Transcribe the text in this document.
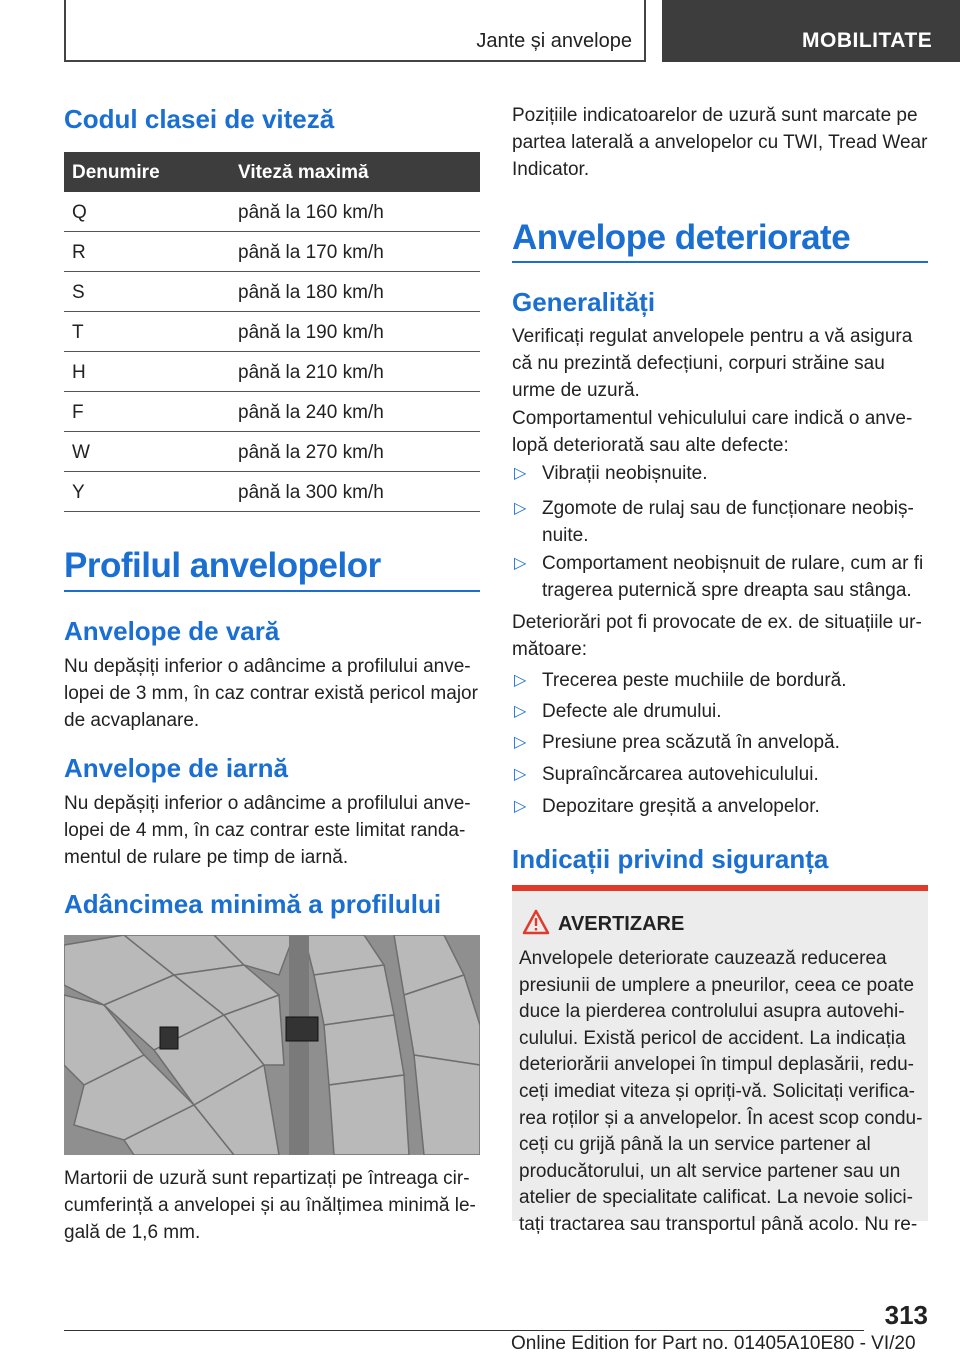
Jante și anvelope	MOBILITATE
Codul clasei de viteză
Denumire	Viteză maximă
Q	până la 160 km/h
R	până la 170 km/h
S	până la 180 km/h
T	până la 190 km/h
H	până la 210 km/h
F	până la 240 km/h
W	până la 270 km/h
Y	până la 300 km/h
Profilul anvelopelor
Anvelope de vară

Nu depășiți inferior o adâncime a profilului anvelopei de 3 mm, în caz contrar există pericol major de acvaplanare.

Anvelope de iarnă

Nu depășiți inferior o adâncime a profilului anvelopei de 4 mm, în caz contrar este limitat randamentul de rulare pe timp de iarnă.

Adâncimea minimă a profilului

Martorii de uzură sunt repartizați pe întreaga circumferință a anvelopei și au înălțimea minimă legală de 1,6 mm.

Pozițiile indicatoarelor de uzură sunt marcate pe partea laterală a anvelopelor cu TWI, Tread Wear Indicator.

Anvelope deteriorate
Generalități

Verificați regulat anvelopele pentru a vă asigura că nu prezintă defecțiuni, corpuri străine sau urme de uzură.

Comportamentul vehiculului care indică o anvelopă deteriorată sau alte defecte:

▷ Vibrații neobișnuite.
▷ Zgomote de rulaj sau de funcționare neobișnuite.
▷ Comportament neobișnuit de rulare, cum ar fi tragerea puternică spre dreapta sau stânga.

Deteriorări pot fi provocate de ex. de situațiile următoare:

▷ Trecerea peste muchiile de bordură.
▷ Defecte ale drumului.
▷ Presiune prea scăzută în anvelopă.
▷ Supraîncărcarea autovehiculului.
▷ Depozitare greșită a anvelopelor.
Indicații privind siguranța
AVERTIZARE
Anvelopele deteriorate cauzează reducerea presiunii de umplere a pneurilor, ceea ce poate duce la pierderea controlului asupra autovehiculului. Există pericol de accident. La indicația deteriorării anvelopei în timpul deplasării, reduceți imediat viteza și opriți-vă. Solicitați verificarea roților și a anvelopelor. În acest scop conduceți cu grijă până la un service partener al producătorului, un alt service partener sau un atelier de specialitate calificat. La nevoie solicitați tractarea sau transportul până acolo. Nu re-
313
Online Edition for Part no. 01405A10E80 - VI/20
